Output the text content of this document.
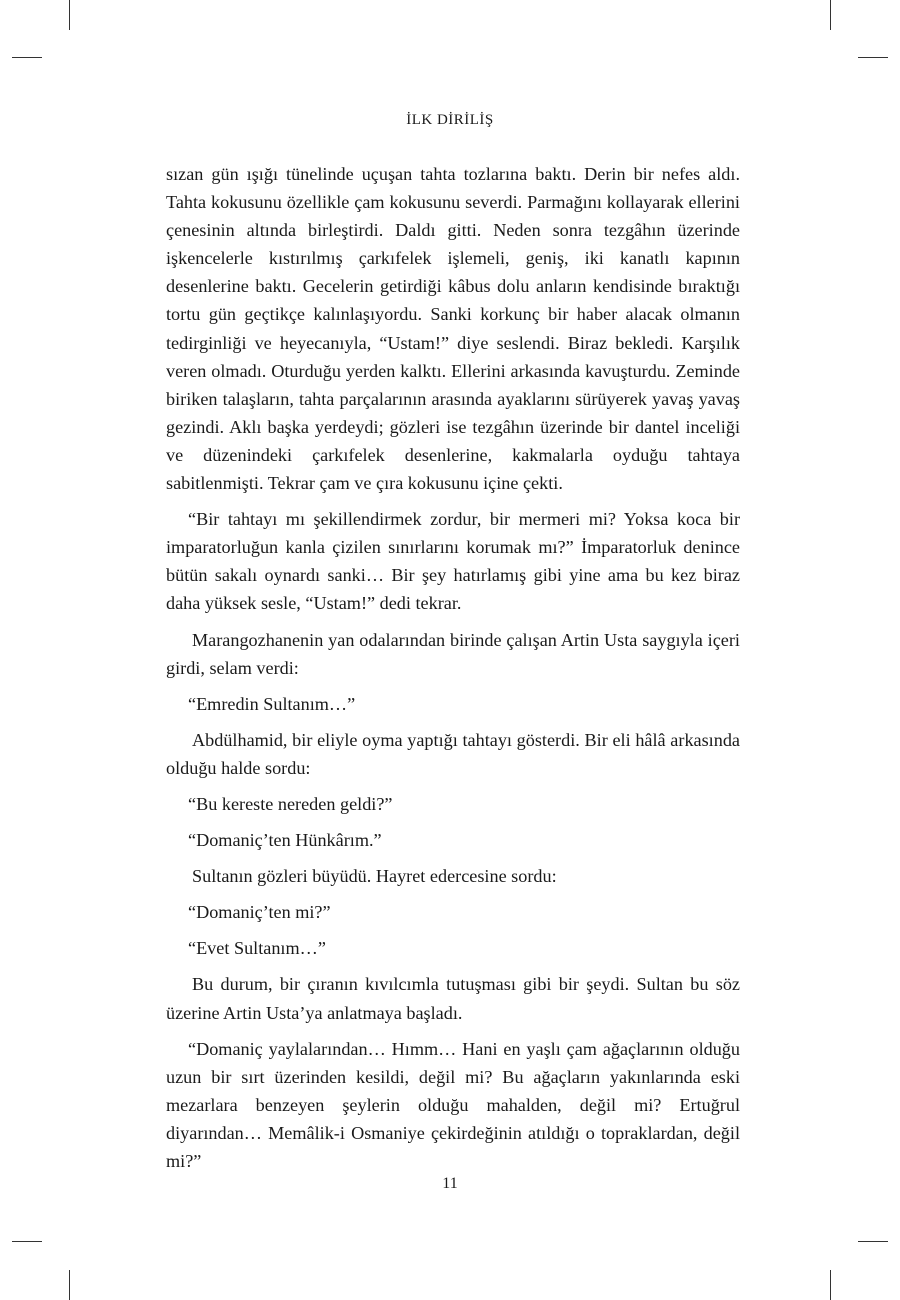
İLK DİRİLİŞ

sızan gün ışığı tünelinde uçuşan tahta tozlarına baktı. Derin bir nefes aldı. Tahta kokusunu özellikle çam kokusunu severdi. Parmağını kollayarak ellerini çenesinin altında birleştirdi. Daldı gitti. Neden sonra tezgâhın üzerinde işkencelerle kıstırılmış çarkıfelek işlemeli, geniş, iki kanatlı kapının desenlerine baktı. Gecelerin getirdiği kâbus dolu anların kendisinde bıraktığı tortu gün geçtikçe kalınlaşıyordu. Sanki korkunç bir haber alacak olmanın tedirginliği ve heyecanıyla, “Ustam!” diye seslendi. Biraz bekledi. Karşılık veren olmadı. Oturduğu yerden kalktı. Ellerini arkasında kavuşturdu. Zeminde biriken talaşların, tahta parçalarının arasında ayaklarını sürüyerek yavaş yavaş gezindi. Aklı başka yerdeydi; gözleri ise tezgâhın üzerinde bir dantel inceliği ve düzenindeki çarkıfelek desenlerine, kakmalarla oyduğu tahtaya sabitlenmişti. Tekrar çam ve çıra kokusunu içine çekti.

“Bir tahtayı mı şekillendirmek zordur, bir mermeri mi? Yoksa koca bir imparatorluğun kanla çizilen sınırlarını korumak mı?” İmparatorluk denince bütün sakalı oynardı sanki… Bir şey hatırlamış gibi yine ama bu kez biraz daha yüksek sesle, “Ustam!” dedi tekrar.

Marangozhanenin yan odalarından birinde çalışan Artin Usta saygıyla içeri girdi, selam verdi:

“Emredin Sultanım…”

Abdülhamid, bir eliyle oyma yaptığı tahtayı gösterdi. Bir eli hâlâ arkasında olduğu halde sordu:

“Bu kereste nereden geldi?”

“Domaniç’ten Hünkârım.”

Sultanın gözleri büyüdü. Hayret edercesine sordu:

“Domaniç’ten mi?”

“Evet Sultanım…”

Bu durum, bir çıranın kıvılcımla tutuşması gibi bir şeydi. Sultan bu söz üzerine Artin Usta’ya anlatmaya başladı.

“Domaniç yaylalarından… Hımm… Hani en yaşlı çam ağaçlarının olduğu uzun bir sırt üzerinden kesildi, değil mi? Bu ağaçların yakınlarında eski mezarlara benzeyen şeylerin olduğu mahalden, değil mi? Ertuğrul diyarından… Memâlik-i Osmaniye çekirdeğinin atıldığı o topraklardan, değil mi?”

11
